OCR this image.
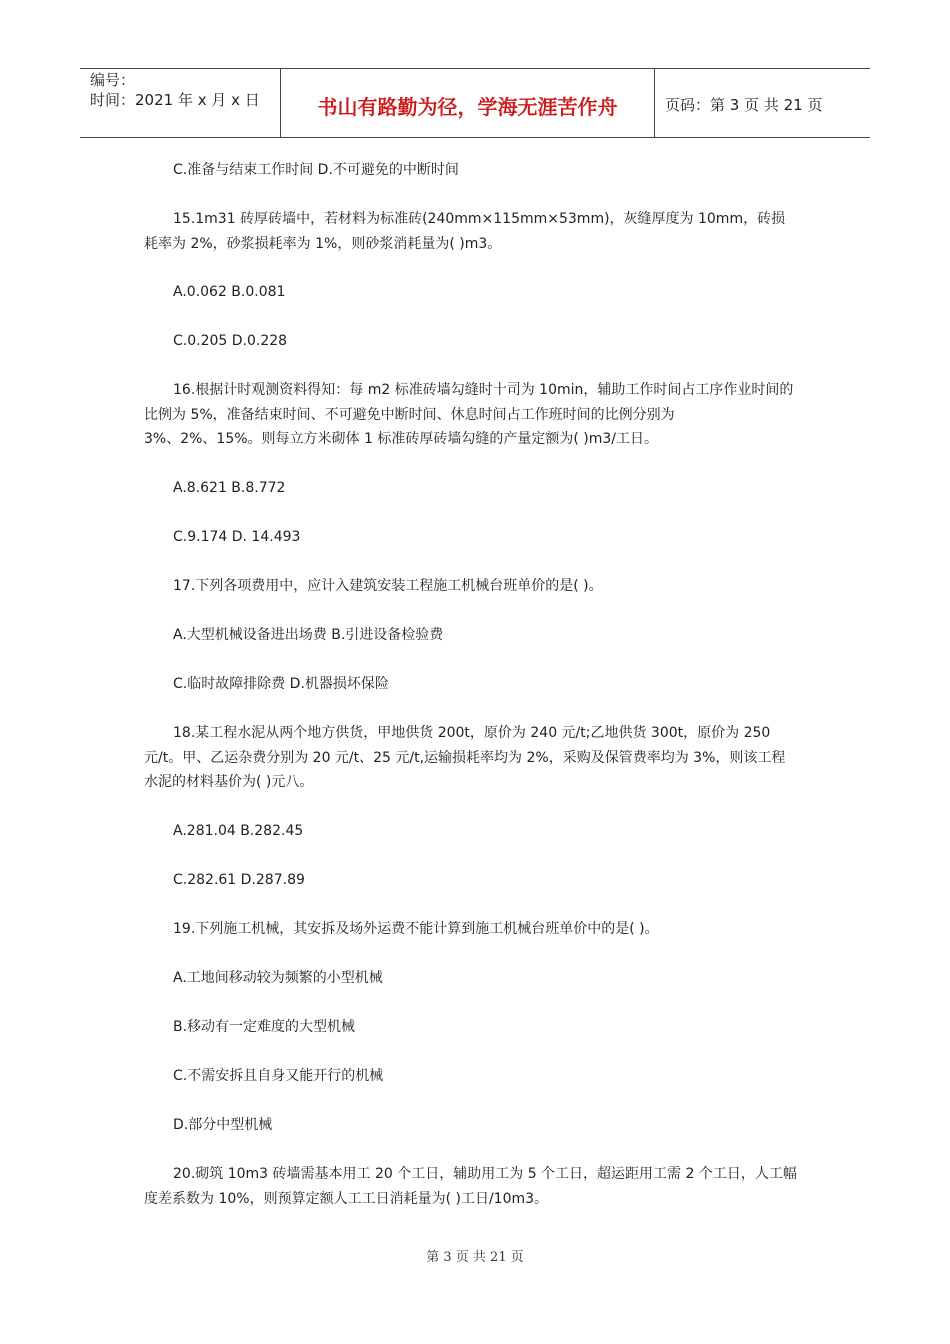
编号：
时间：2021 年 x 月 x 日	书山有路勤为径，学海无涯苦作舟	页码：第 3 页 共 21 页
C.准备与结束工作时间 D.不可避免的中断时间
15.1m31 砖厚砖墙中，若材料为标准砖(240mm×115mm×53mm)，灰缝厚度为 10mm，砖损
耗率为 2%，砂浆损耗率为 1%，则砂浆消耗量为( )m3。
A.0.062 B.0.081
C.0.205 D.0.228
16.根据计时观测资料得知：每 m2 标准砖墙勾缝时十司为 10min，辅助工作时间占工序作业时间的
比例为 5%，准备结束时间、不可避免中断时间、休息时间占工作班时间的比例分别为
3%、2%、15%。则每立方米砌体 1 标准砖厚砖墙勾缝的产量定额为( )m3/工日。
A.8.621 B.8.772
C.9.174 D. 14.493
17.下列各项费用中，应计入建筑安装工程施工机械台班单价的是( )。
A.大型机械设备进出场费 B.引进设备检验费
C.临时故障排除费 D.机器损坏保险
18.某工程水泥从两个地方供货，甲地供货 200t，原价为 240 元/t;乙地供货 300t，原价为 250
元/t。甲、乙运杂费分别为 20 元/t、25 元/t,运输损耗率均为 2%，采购及保管费率均为 3%，则该工程
水泥的材料基价为( )元八。
A.281.04 B.282.45
C.282.61 D.287.89
19.下列施工机械，其安拆及场外运费不能计算到施工机械台班单价中的是( )。
A.工地间移动较为频繁的小型机械
B.移动有一定难度的大型机械
C.不需安拆且自身又能开行的机械
D.部分中型机械
20.砌筑 10m3 砖墙需基本用工 20 个工日，辅助用工为 5 个工日，超运距用工需 2 个工日，人工幅
度差系数为 10%，则预算定额人工工日消耗量为( )工日/10m3。
第 3 页 共 21 页
